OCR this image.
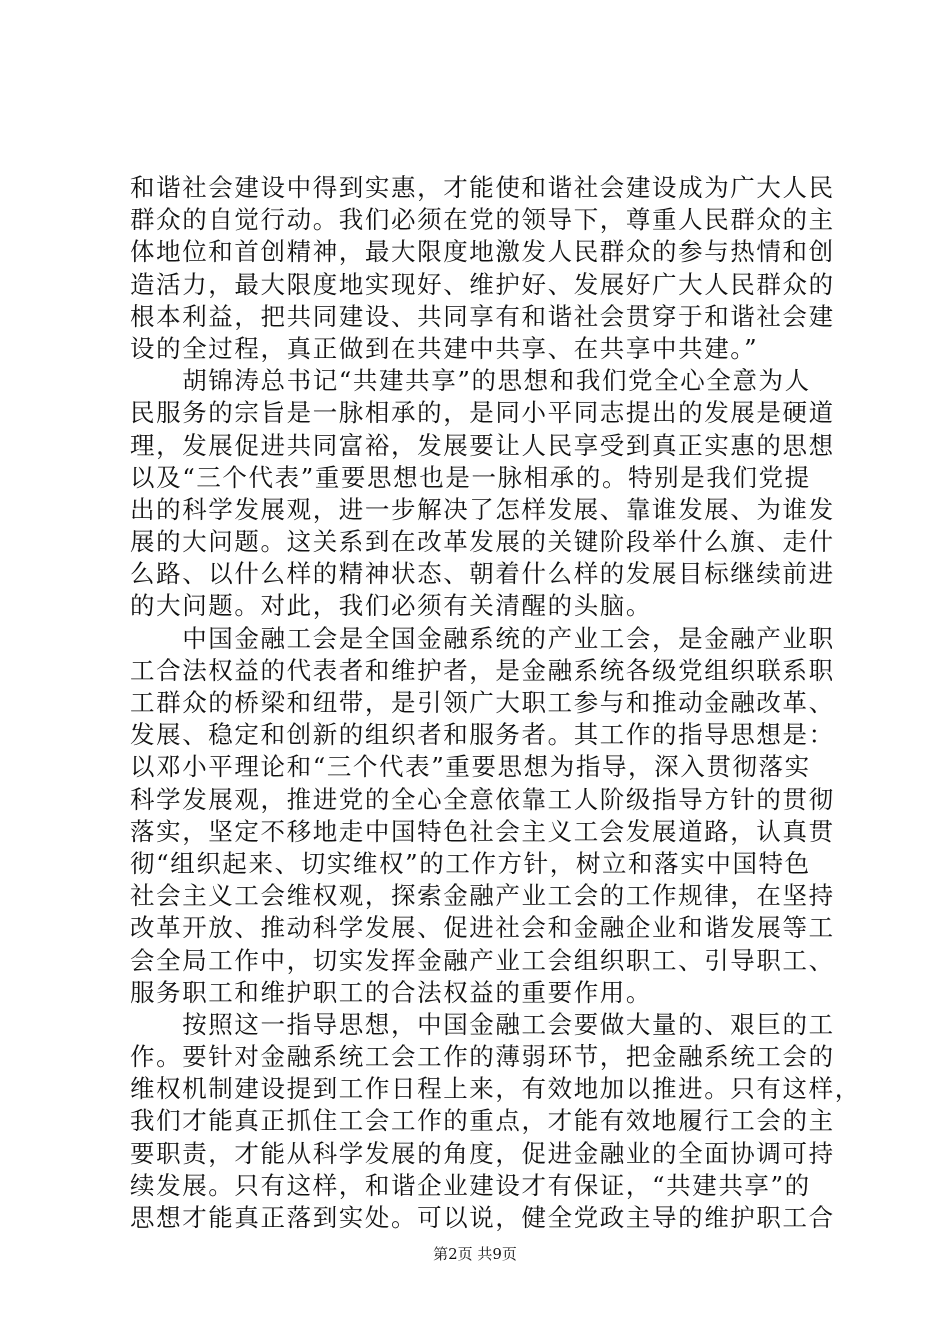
和谐社会建设中得到实惠，才能使和谐社会建设成为广大人民
群众的自觉行动。我们必须在党的领导下，尊重人民群众的主
体地位和首创精神，最大限度地激发人民群众的参与热情和创
造活力，最大限度地实现好、维护好、发展好广大人民群众的
根本利益，把共同建设、共同享有和谐社会贯穿于和谐社会建
设的全过程，真正做到在共建中共享、在共享中共建。”
　　胡锦涛总书记“共建共享”的思想和我们党全心全意为人
民服务的宗旨是一脉相承的，是同小平同志提出的发展是硬道
理，发展促进共同富裕，发展要让人民享受到真正实惠的思想
以及“三个代表”重要思想也是一脉相承的。特别是我们党提
出的科学发展观，进一步解决了怎样发展、靠谁发展、为谁发
展的大问题。这关系到在改革发展的关键阶段举什么旗、走什
么路、以什么样的精神状态、朝着什么样的发展目标继续前进
的大问题。对此，我们必须有关清醒的头脑。
　　中国金融工会是全国金融系统的产业工会，是金融产业职
工合法权益的代表者和维护者，是金融系统各级党组织联系职
工群众的桥梁和纽带，是引领广大职工参与和推动金融改革、
发展、稳定和创新的组织者和服务者。其工作的指导思想是：
以邓小平理论和“三个代表”重要思想为指导，深入贯彻落实
科学发展观，推进党的全心全意依靠工人阶级指导方针的贯彻
落实，坚定不移地走中国特色社会主义工会发展道路，认真贯
彻“组织起来、切实维权”的工作方针，树立和落实中国特色
社会主义工会维权观，探索金融产业工会的工作规律，在坚持
改革开放、推动科学发展、促进社会和金融企业和谐发展等工
会全局工作中，切实发挥金融产业工会组织职工、引导职工、
服务职工和维护职工的合法权益的重要作用。
　　按照这一指导思想，中国金融工会要做大量的、艰巨的工
作。要针对金融系统工会工作的薄弱环节，把金融系统工会的
维权机制建设提到工作日程上来，有效地加以推进。只有这样，
我们才能真正抓住工会工作的重点，才能有效地履行工会的主
要职责，才能从科学发展的角度，促进金融业的全面协调可持
续发展。只有这样，和谐企业建设才有保证，“共建共享”的
思想才能真正落到实处。可以说，健全党政主导的维护职工合
第2页 共9页
